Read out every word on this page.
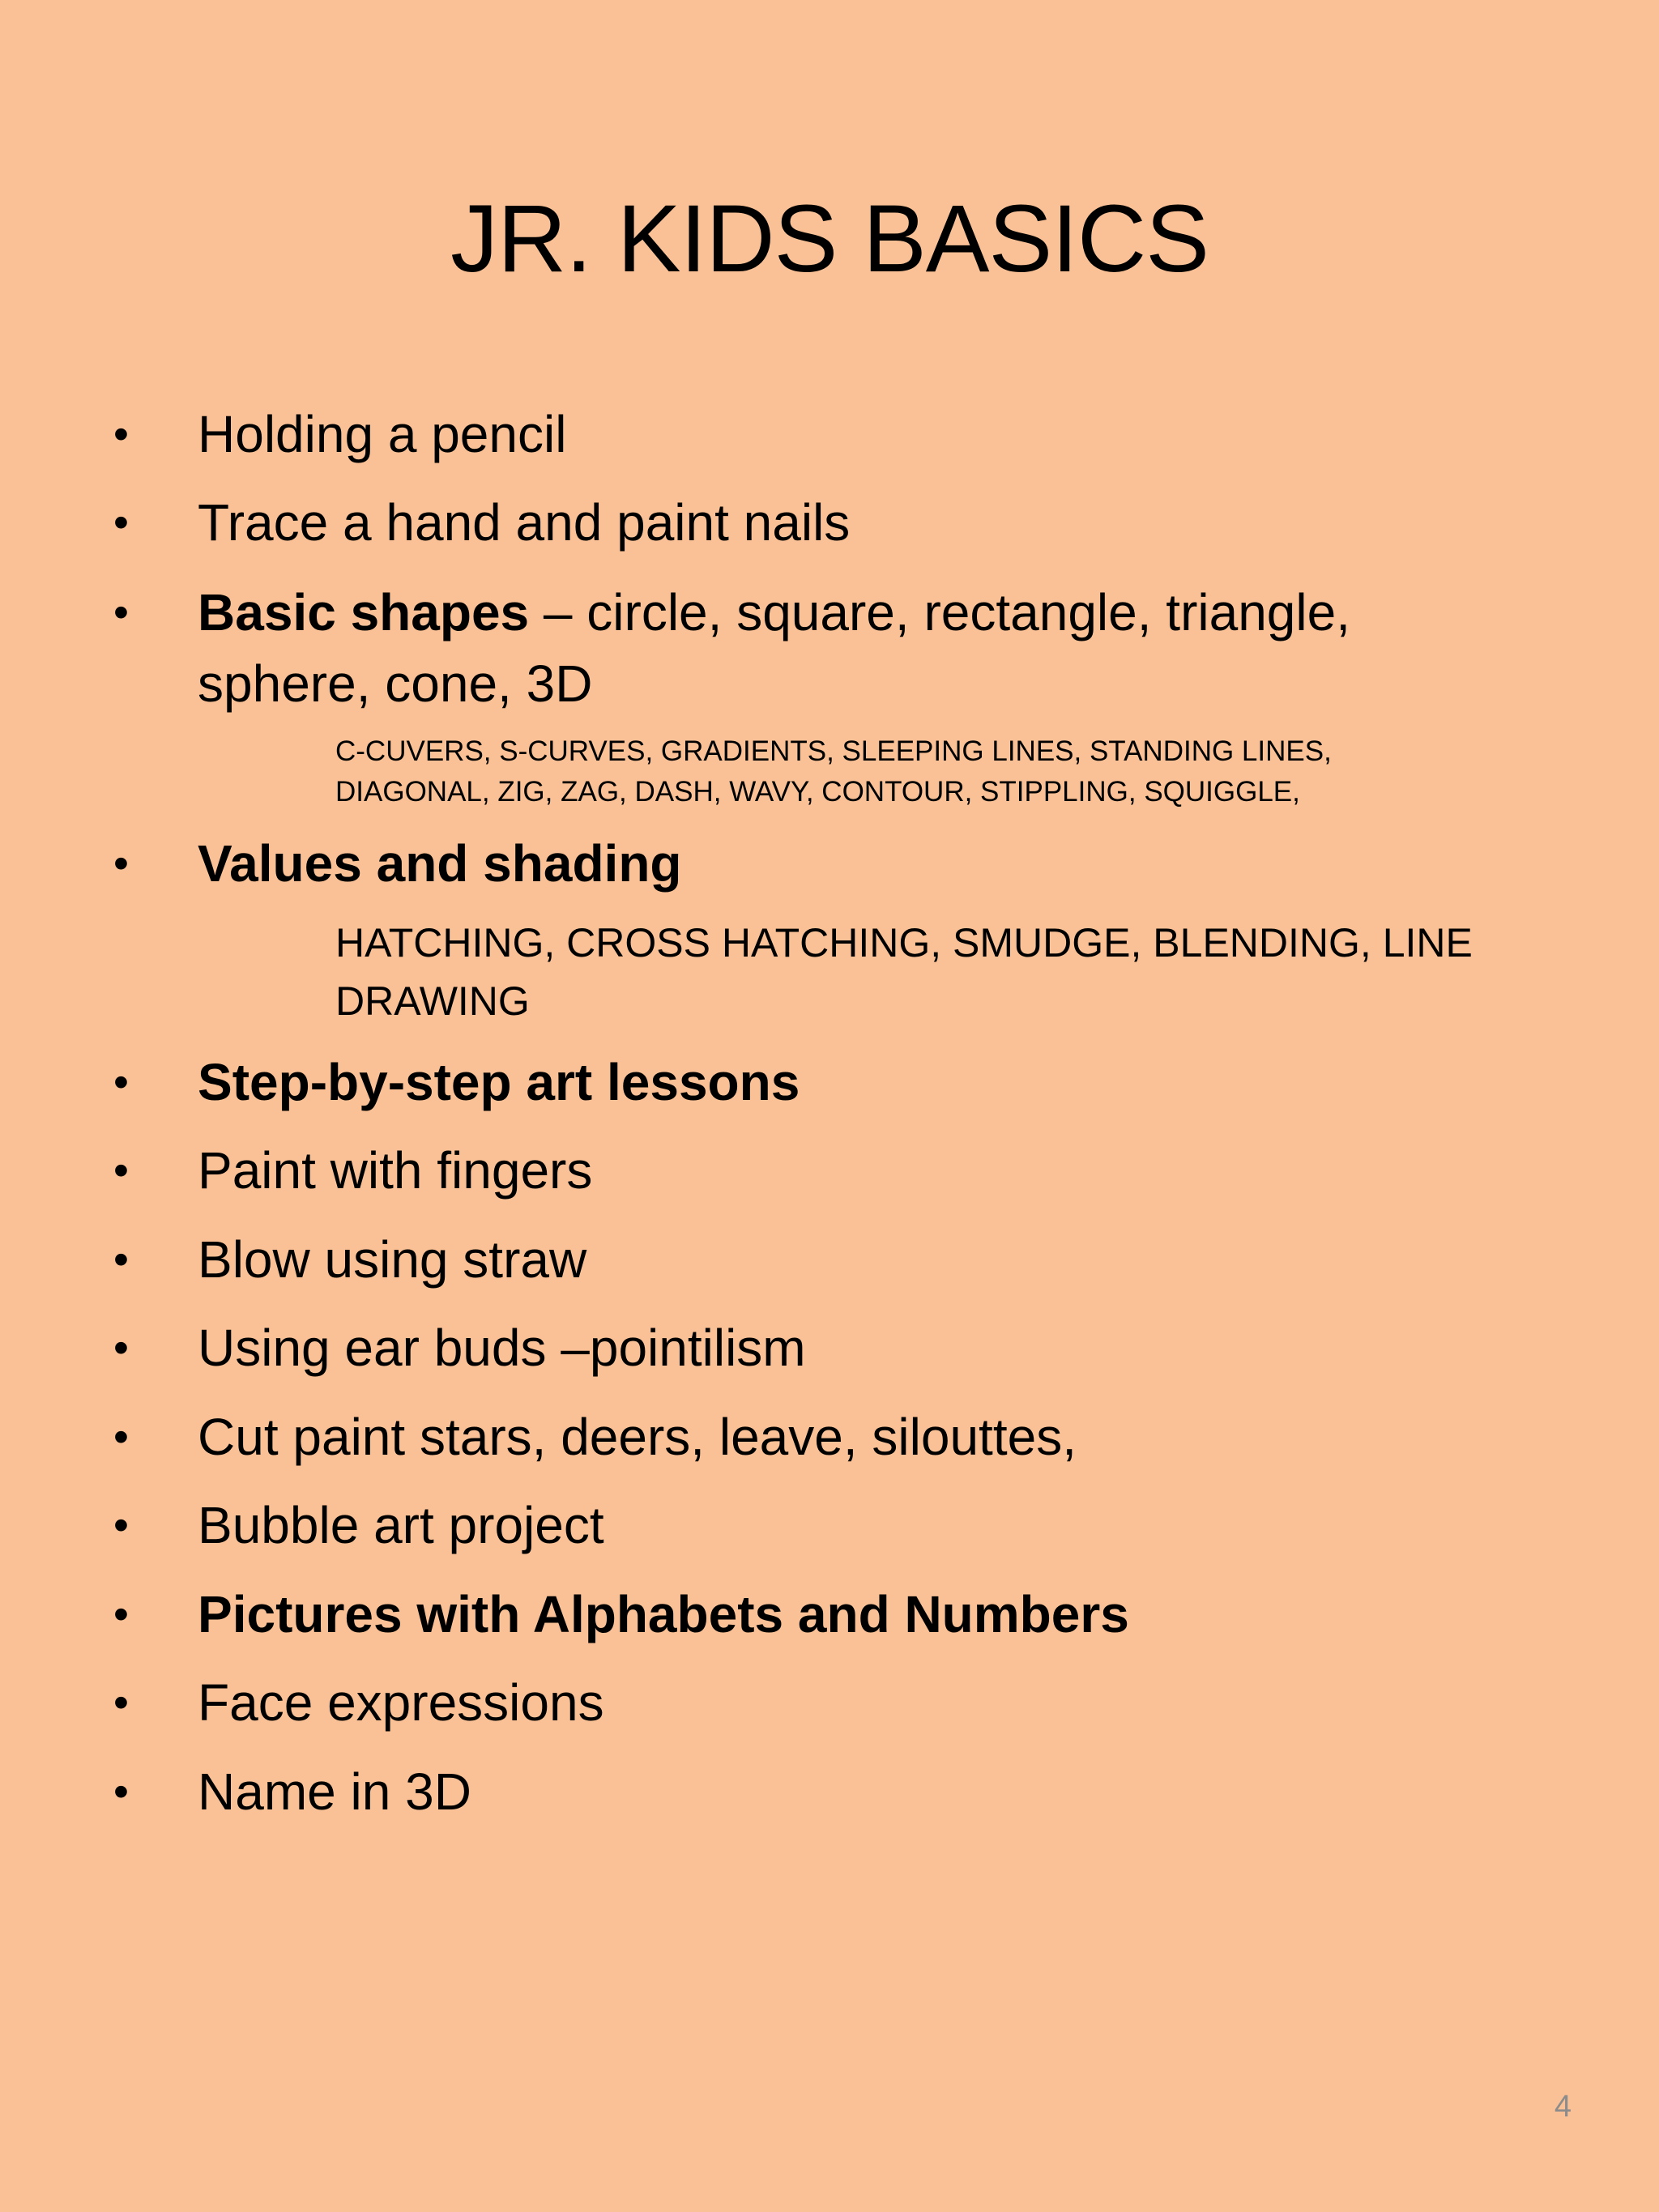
JR. KIDS BASICS
•	Holding a pencil
•	Trace a hand and paint nails
•	Basic shapes – circle, square, rectangle, triangle,
sphere, cone, 3D
•	Values and shading
•	Step-by-step art lessons
•	Paint with fingers
•	Blow using straw
•	Using ear buds –pointilism
•	Cut paint stars, deers, leave, silouttes,
•	Bubble art project
•	Pictures with Alphabets and Numbers
•	Face expressions
•	Name in 3D
C-CUVERS, S-CURVES, GRADIENTS, SLEEPING LINES, STANDING LINES,
DIAGONAL, ZIG, ZAG, DASH, WAVY, CONTOUR, STIPPLING, SQUIGGLE,
HATCHING, CROSS HATCHING, SMUDGE, BLENDING, LINE
DRAWING
4
